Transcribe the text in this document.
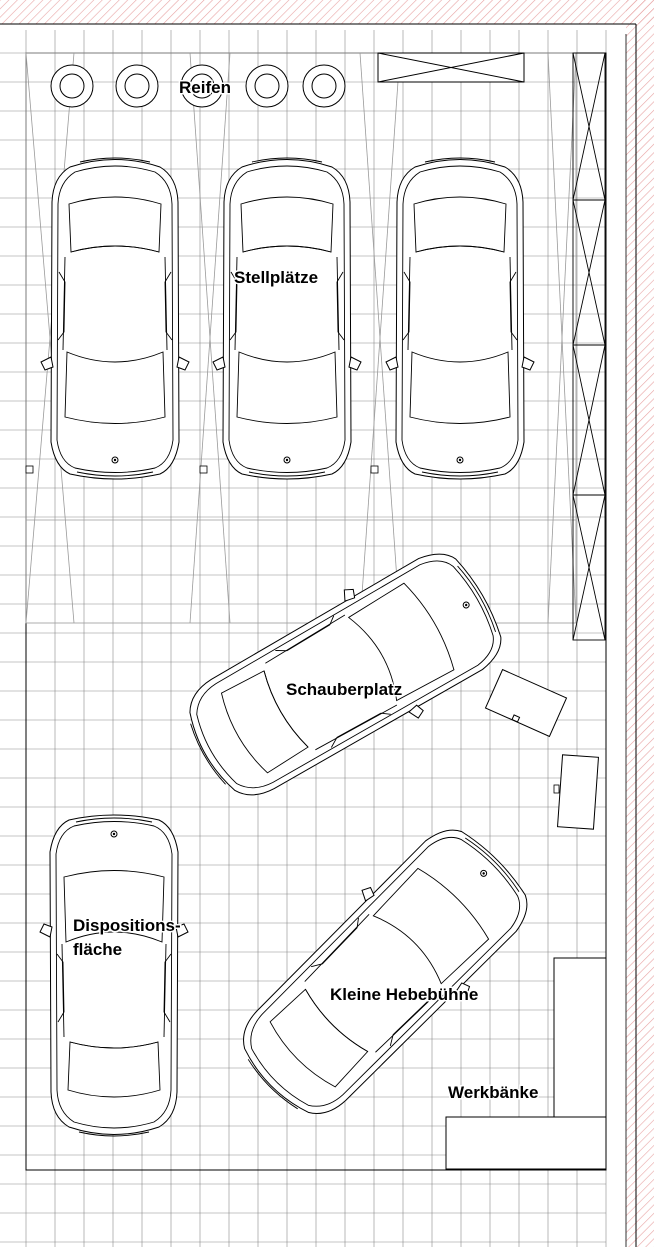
Reifen
Stellplätze
Schauberplatz
Dispositions-
fläche
Kleine Hebebühne
Werkbänke
